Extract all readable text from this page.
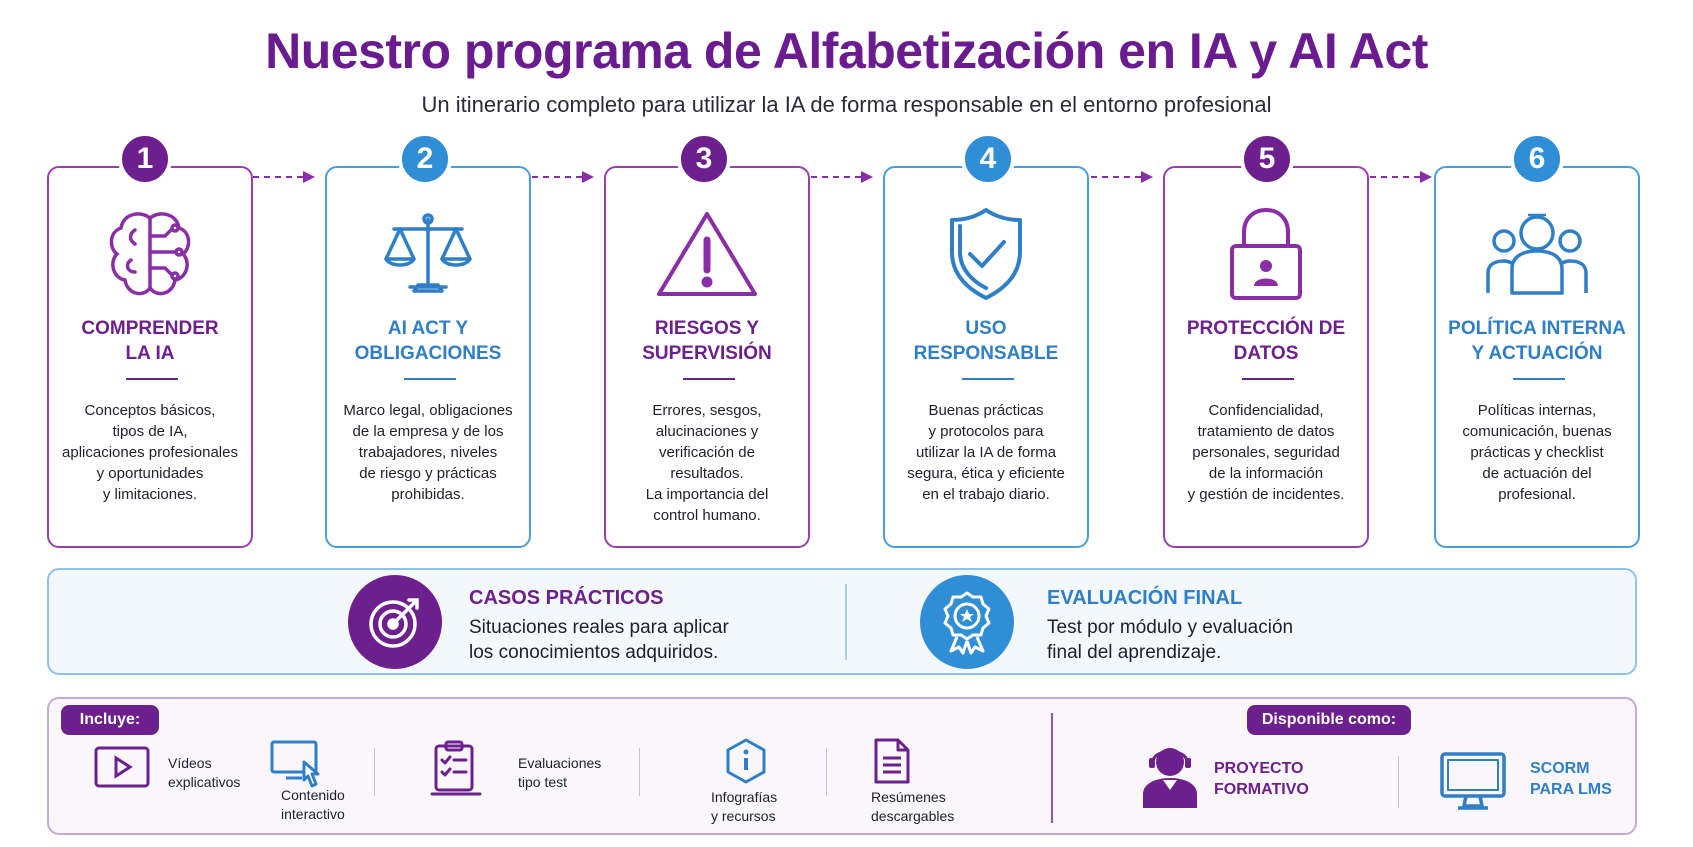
Nuestro programa de Alfabetización en IA y AI Act
Un itinerario completo para utilizar la IA de forma responsable en el entorno profesional
COMPRENDER
LA IA
Conceptos básicos,
tipos de IA,
aplicaciones profesionales
y oportunidades
y limitaciones.
AI ACT Y
OBLIGACIONES
Marco legal, obligaciones
de la empresa y de los
trabajadores, niveles
de riesgo y prácticas
prohibidas.
RIESGOS Y
SUPERVISIÓN
Errores, sesgos,
alucinaciones y
verificación de
resultados.
La importancia del
control humano.
USO
RESPONSABLE
Buenas prácticas
y protocolos para
utilizar la IA de forma
segura, ética y eficiente
en el trabajo diario.
PROTECCIÓN DE
DATOS
Confidencialidad,
tratamiento de datos
personales, seguridad
de la información
y gestión de incidentes.
POLÍTICA INTERNA
Y ACTUACIÓN
Políticas internas,
comunicación, buenas
prácticas y checklist
de actuación del
profesional.
1	2	3	4	5	6
CASOS PRÁCTICOS
Situaciones reales para aplicar
los conocimientos adquiridos.
EVALUACIÓN FINAL
Test por módulo y evaluación
final del aprendizaje.
Incluye:	Disponible como:
Vídeos
explicativos
Contenido
interactivo
Evaluaciones
tipo test
Infografías
y recursos
Resúmenes
descargables
PROYECTO
FORMATIVO
SCORM
PARA LMS
